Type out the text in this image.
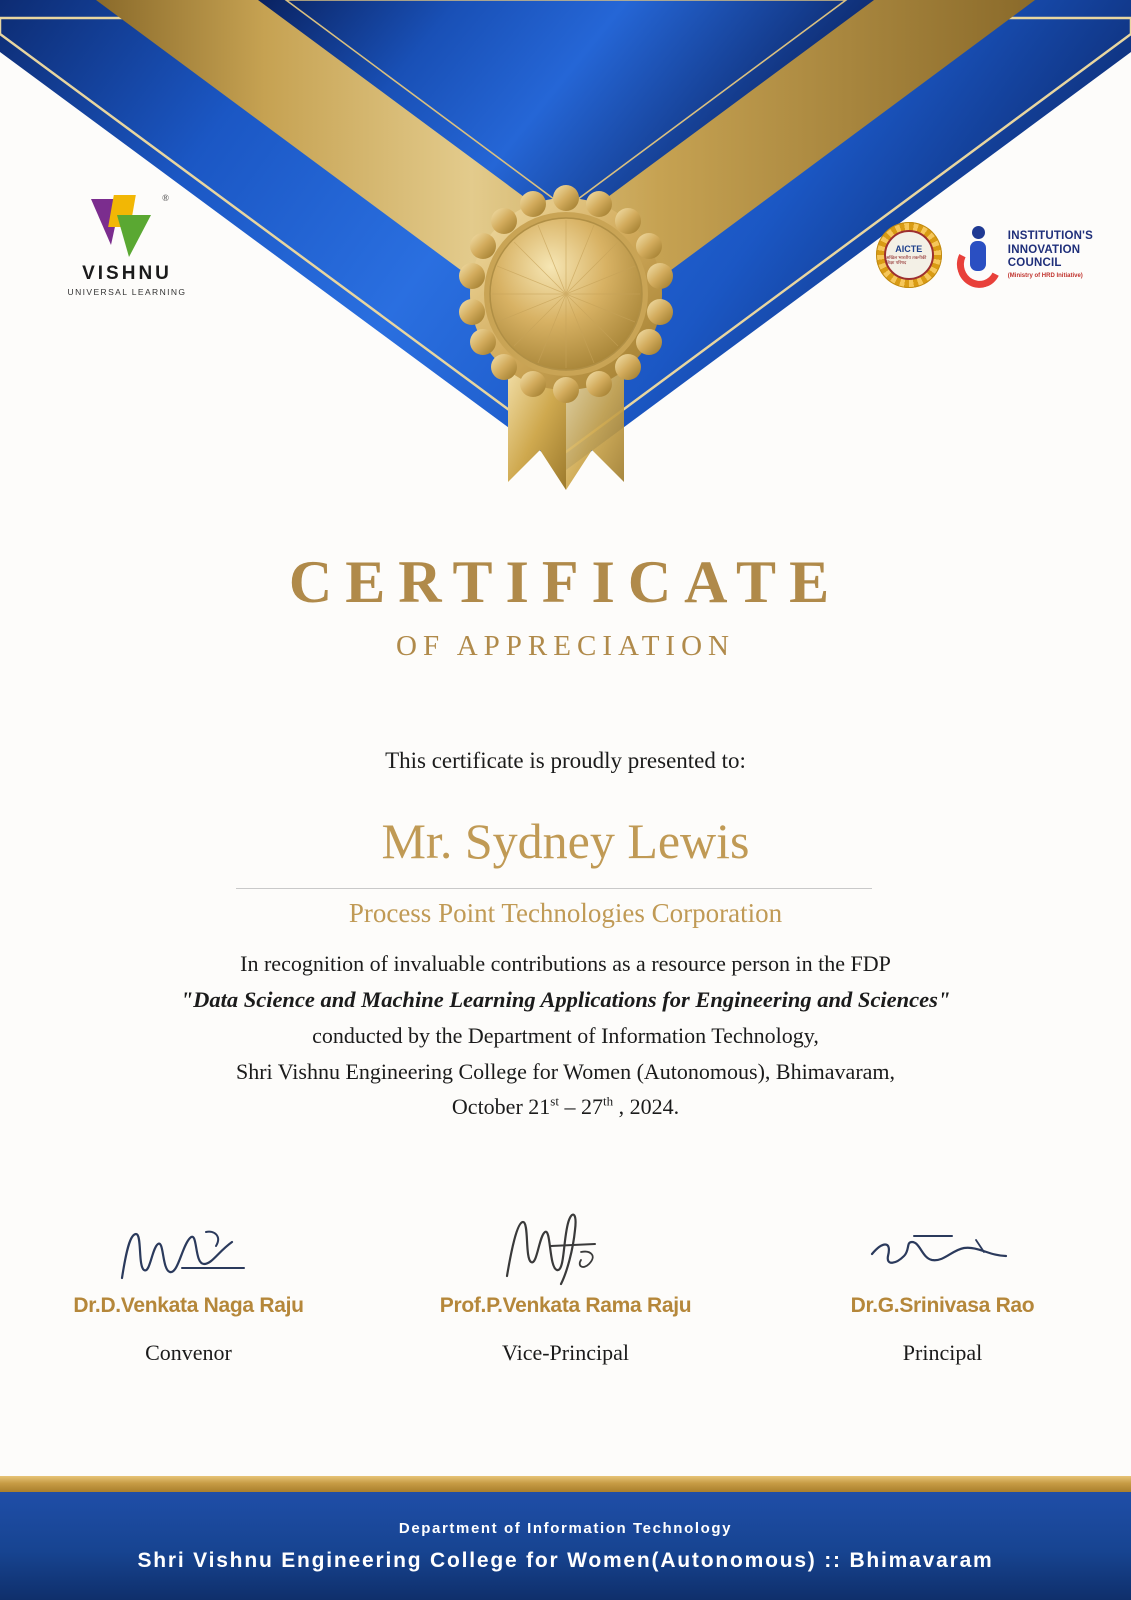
®
VISHNU
UNIVERSAL LEARNING
AICTE
अखिल भारतीय तकनीकी शिक्षा परिषद
INSTITUTION'S
INNOVATION
COUNCIL
(Ministry of HRD Initiative)
CERTIFICATE
OF APPRECIATION
This certificate is proudly presented to:
Mr. Sydney Lewis
Process Point Technologies Corporation
In recognition of invaluable contributions as a resource person in the FDP
"Data Science and Machine Learning Applications for Engineering and Sciences"
conducted by the Department of Information Technology,
Shri Vishnu Engineering College for Women (Autonomous), Bhimavaram,
October 21st – 27th , 2024.
Dr.D.Venkata Naga Raju
Convenor
Prof.P.Venkata Rama Raju
Vice-Principal
Dr.G.Srinivasa Rao
Principal
Department of Information Technology
Shri Vishnu Engineering College for Women(Autonomous) :: Bhimavaram
